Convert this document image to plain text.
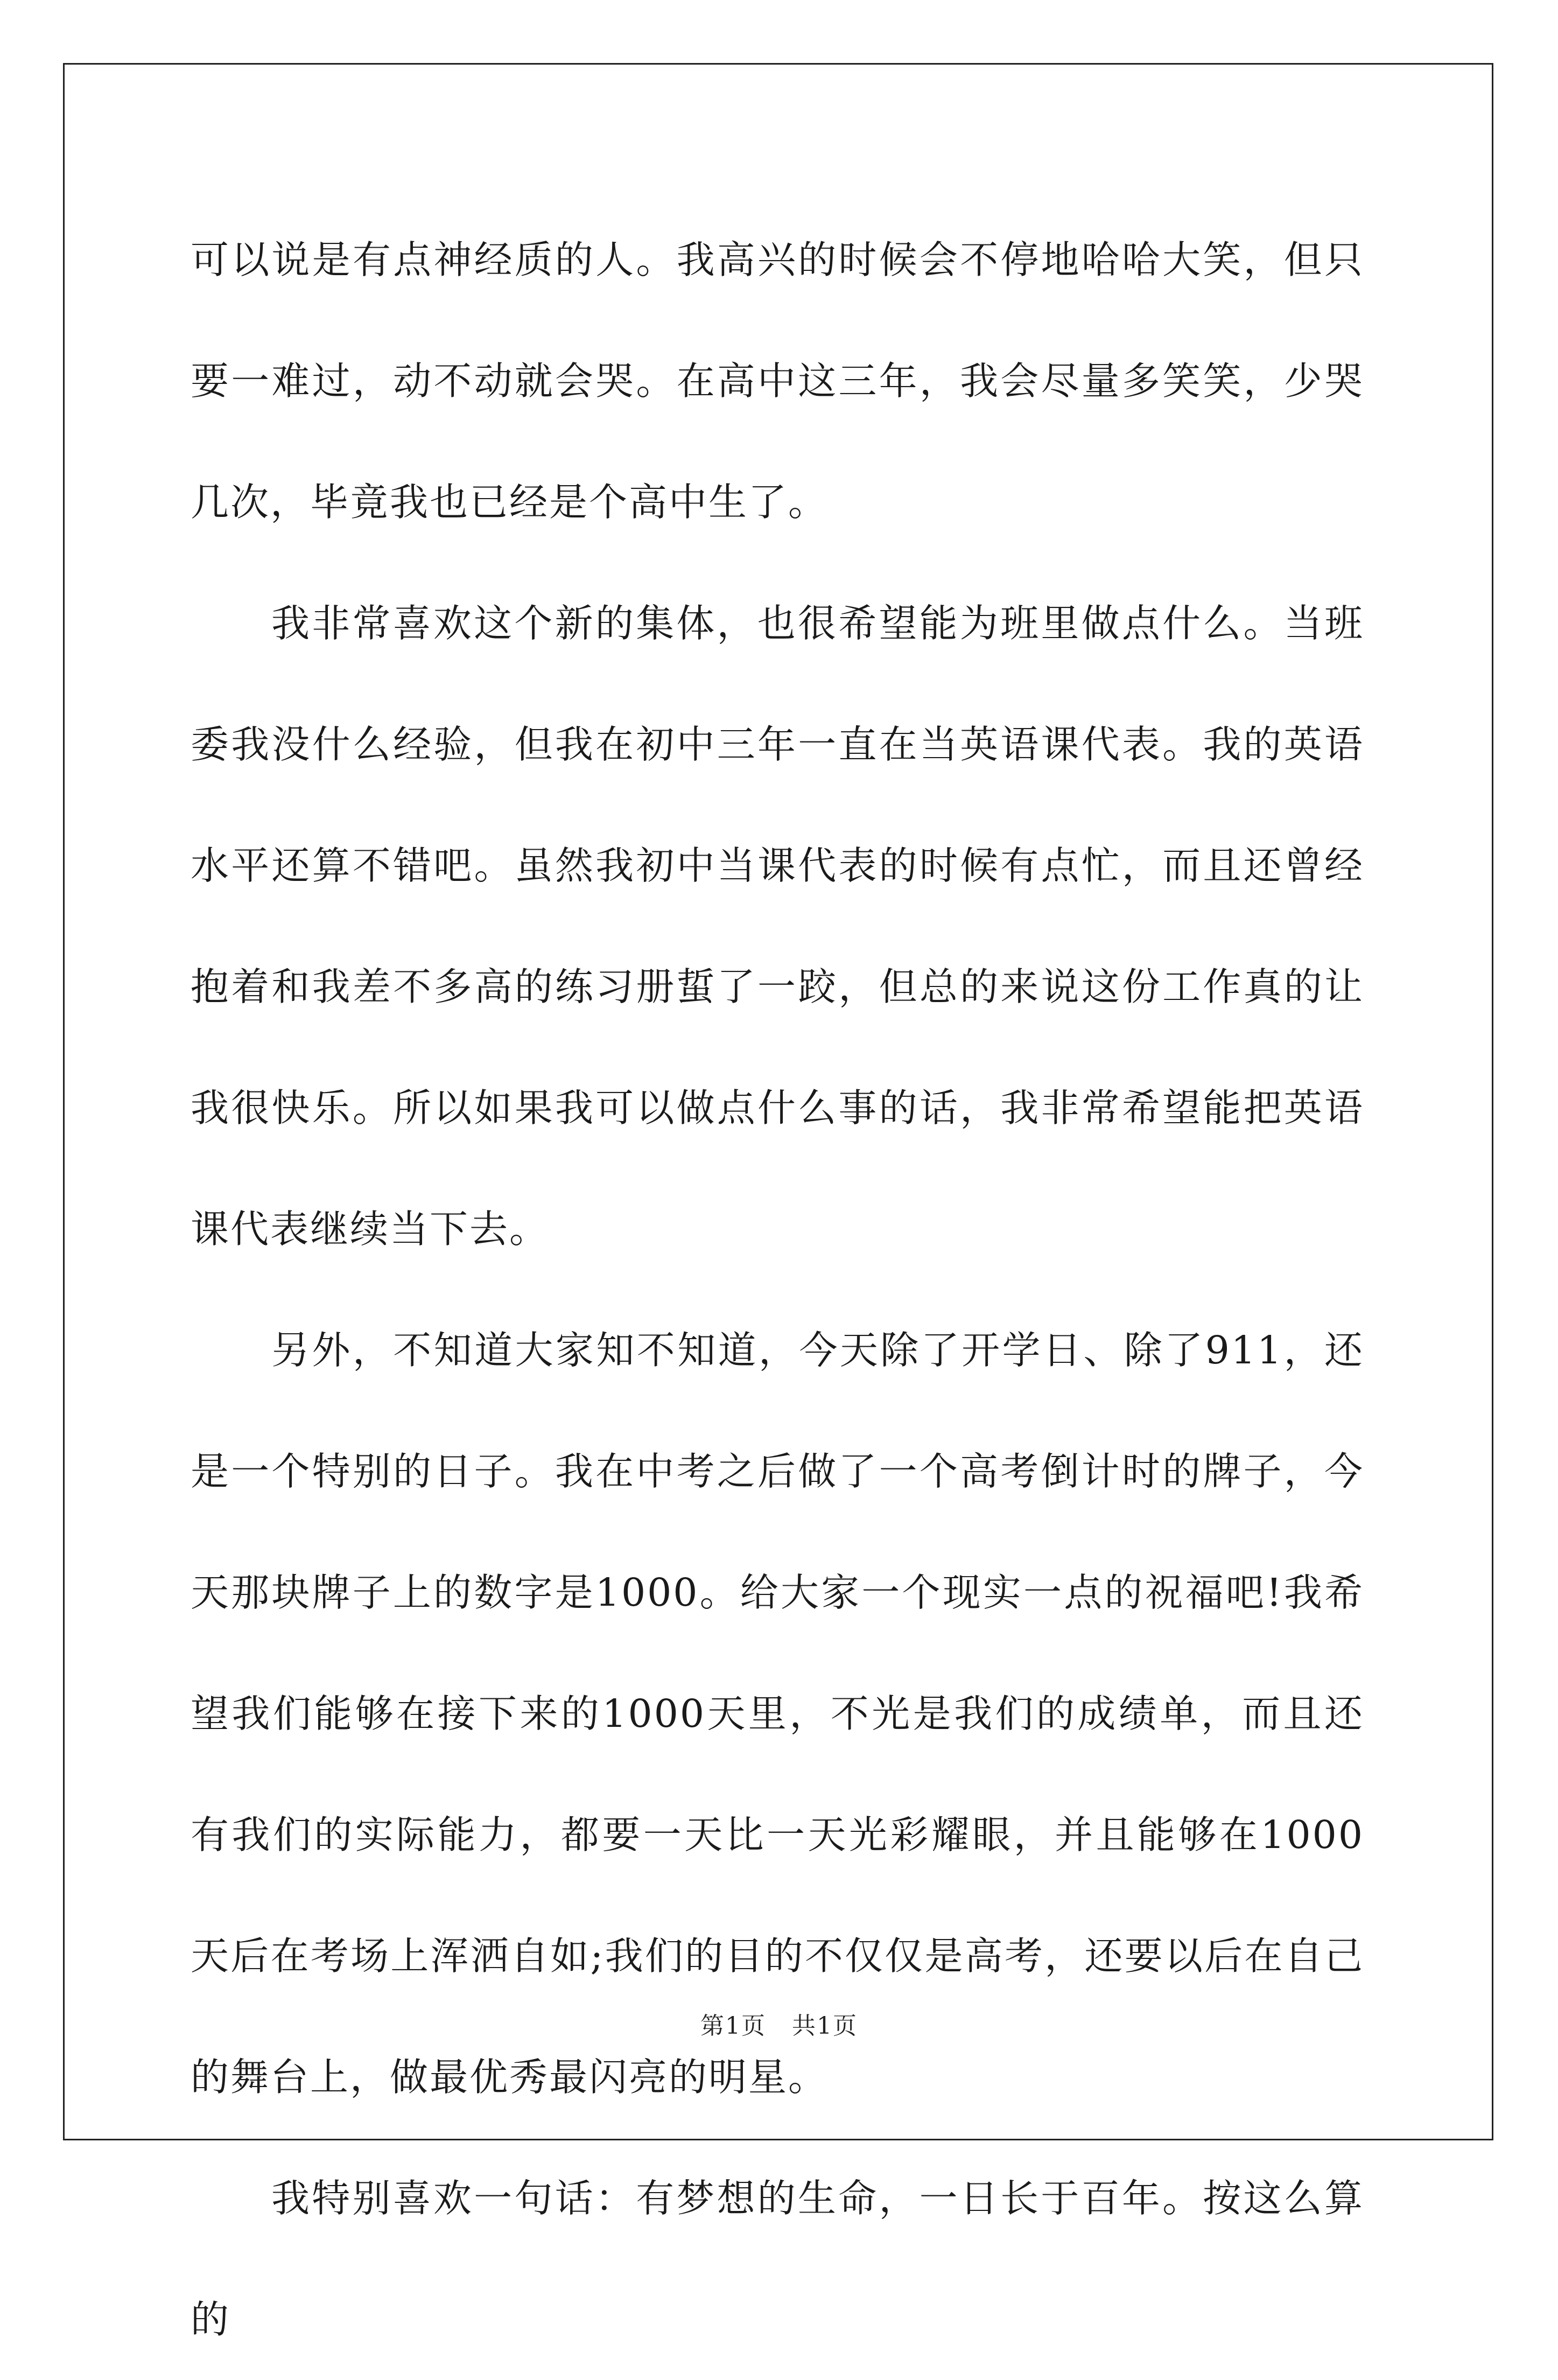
可以说是有点神经质的人。我高兴的时候会不停地哈哈大笑，但只要一难过，动不动就会哭。在高中这三年，我会尽量多笑笑，少哭几次，毕竟我也已经是个高中生了。

我非常喜欢这个新的集体，也很希望能为班里做点什么。当班委我没什么经验，但我在初中三年一直在当英语课代表。我的英语水平还算不错吧。虽然我初中当课代表的时候有点忙，而且还曾经抱着和我差不多高的练习册蜇了一跤，但总的来说这份工作真的让我很快乐。所以如果我可以做点什么事的话，我非常希望能把英语课代表继续当下去。

另外，不知道大家知不知道，今天除了开学日、除了911，还是一个特别的日子。我在中考之后做了一个高考倒计时的牌子，今天那块牌子上的数字是1000。给大家一个现实一点的祝福吧!我希望我们能够在接下来的1000天里，不光是我们的成绩单，而且还有我们的实际能力，都要一天比一天光彩耀眼，并且能够在1000天后在考场上浑洒自如;我们的目的不仅仅是高考，还要以后在自己的舞台上，做最优秀最闪亮的明星。

我特别喜欢一句话：有梦想的生命，一日长于百年。按这么算的

第1页 共1页
